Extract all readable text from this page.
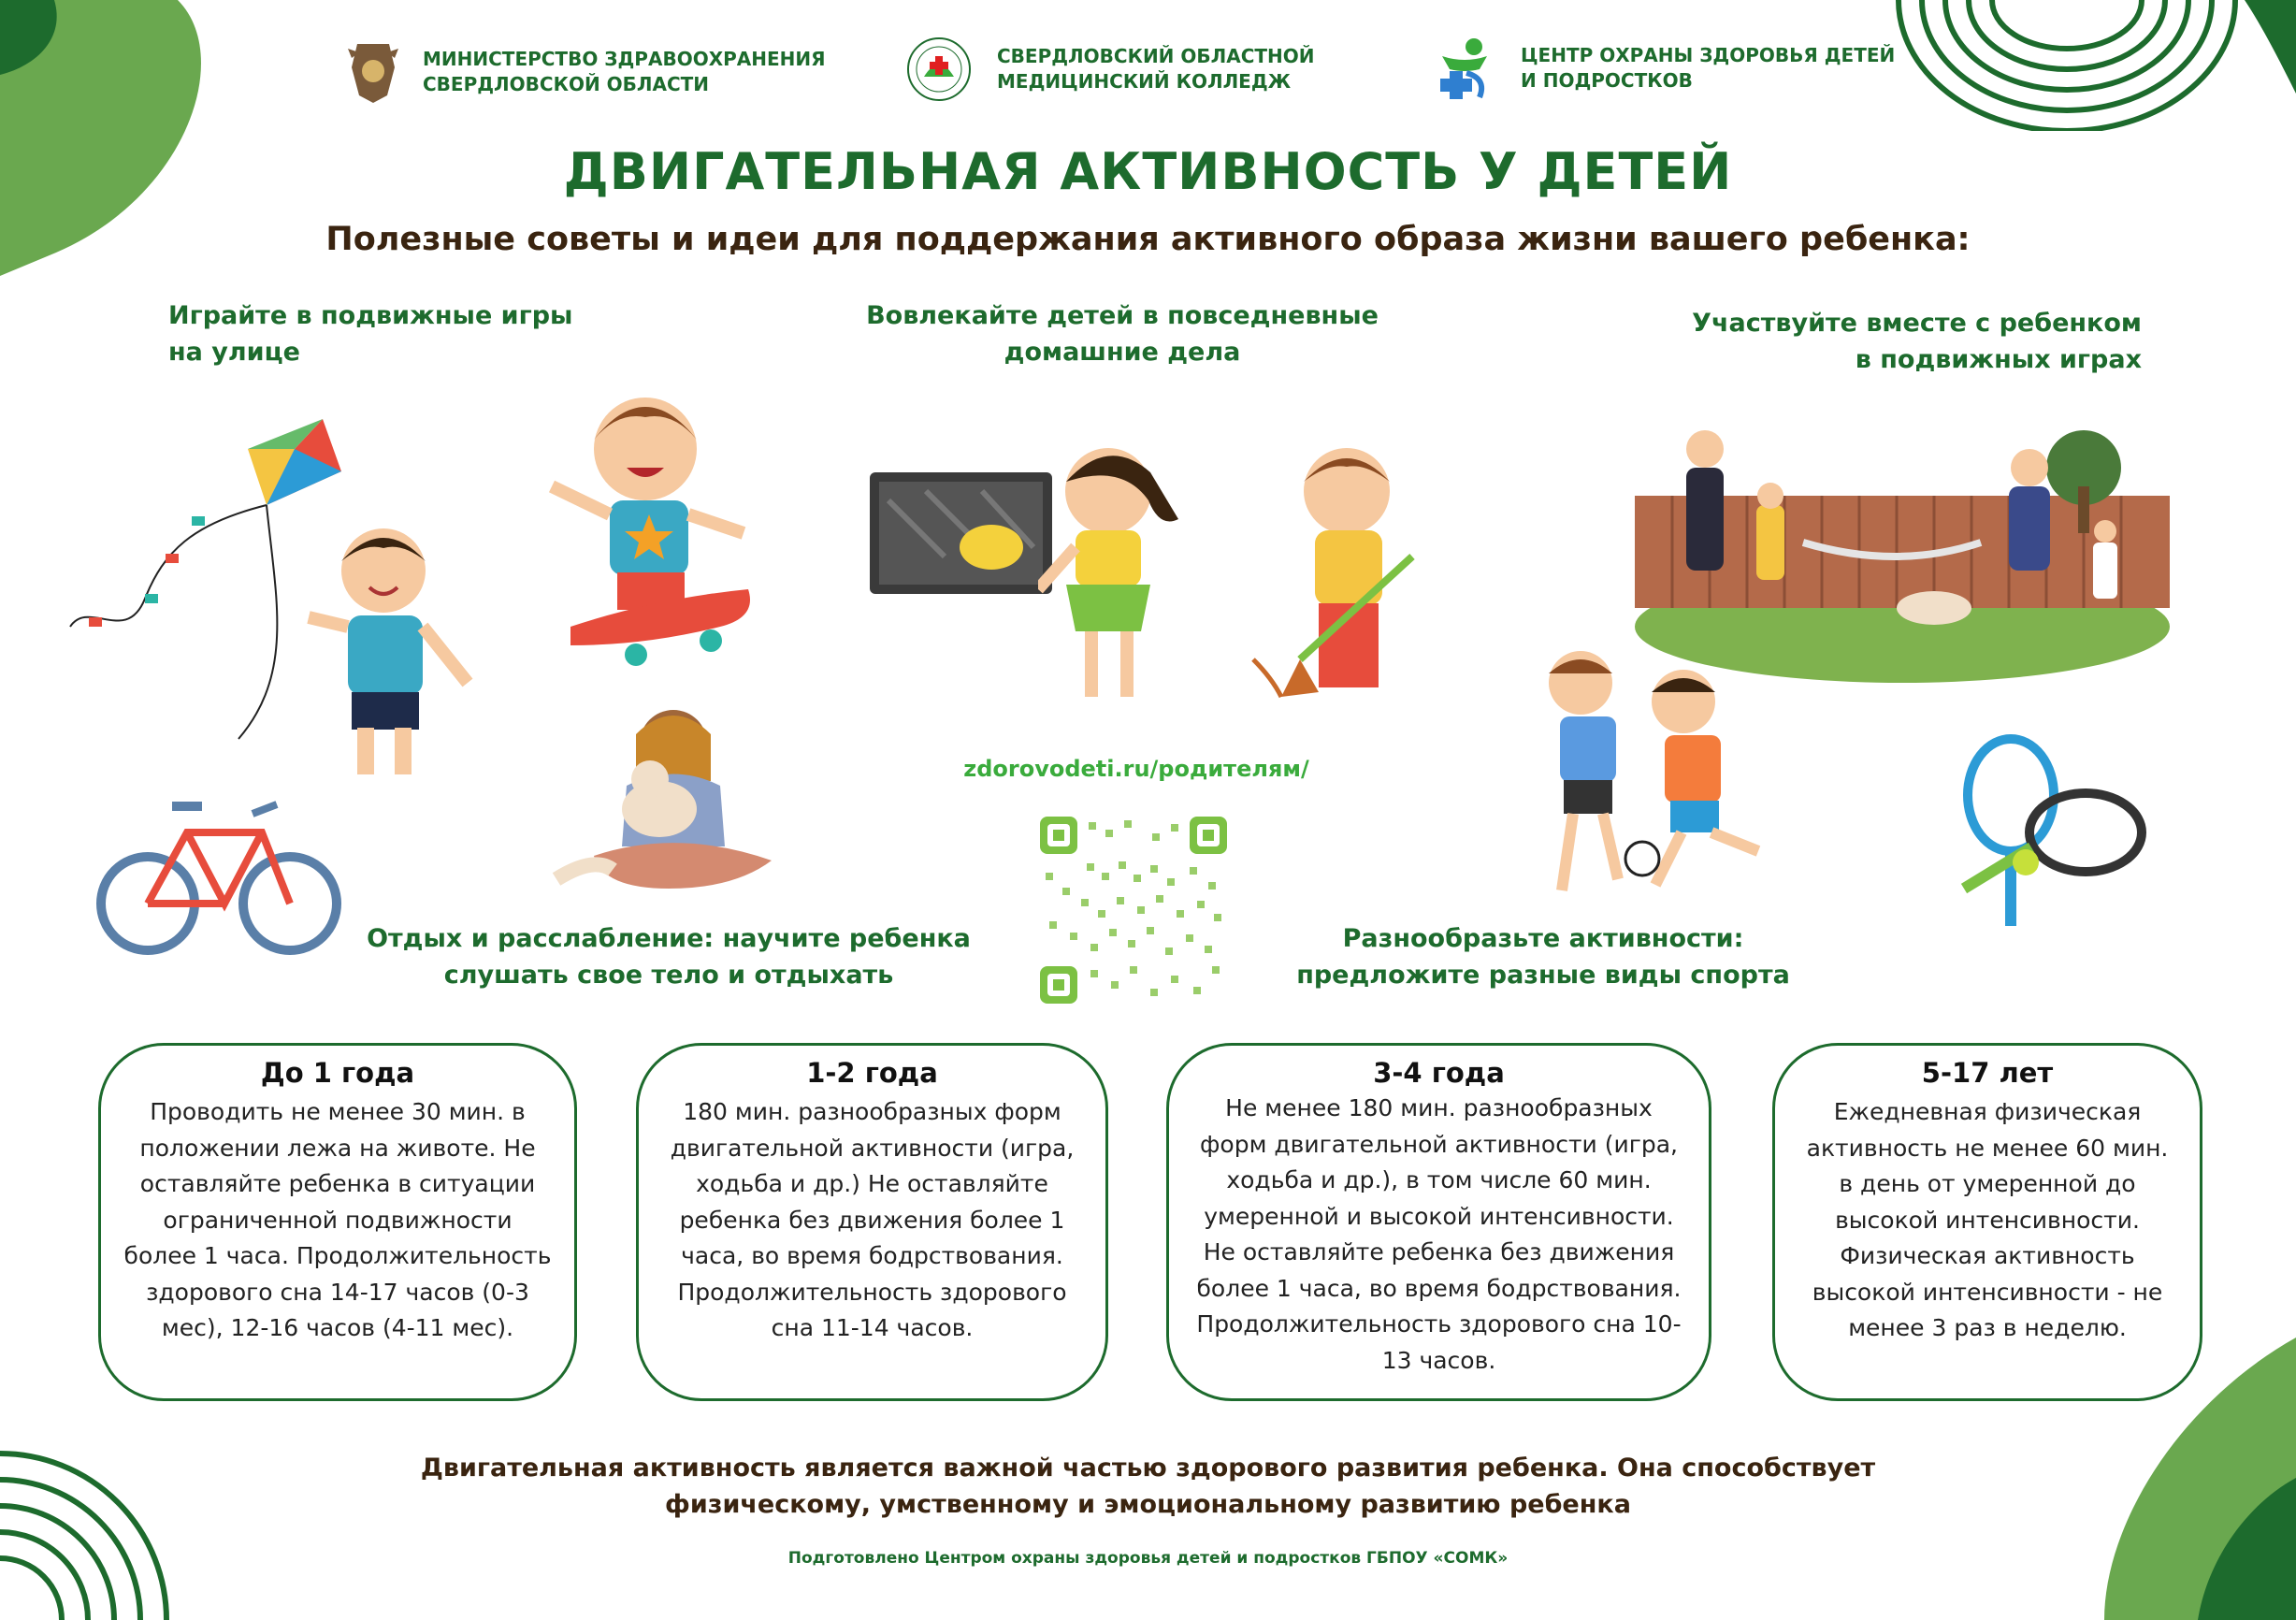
МИНИСТЕРСТВО ЗДРАВООХРАНЕНИЯ
СВЕРДЛОВСКОЙ ОБЛАСТИ
СВЕРДЛОВСКИЙ ОБЛАСТНОЙ
МЕДИЦИНСКИЙ КОЛЛЕДЖ
ЦЕНТР ОХРАНЫ ЗДОРОВЬЯ ДЕТЕЙ
И ПОДРОСТКОВ
ДВИГАТЕЛЬНАЯ АКТИВНОСТЬ У ДЕТЕЙ
Полезные советы и идеи для поддержания активного образа жизни вашего ребенка:
Играйте в подвижные игры
на улице
Вовлекайте детей в повседневные
домашние дела
Участвуйте вместе с ребенком
в подвижных играх
Отдых и расслабление: научите ребенка
слушать свое тело и отдыхать
Разнообразьте активности:
предложите разные виды спорта
zdorovodeti.ru/родителям/
До 1 года
Проводить не менее 30 мин. в
положении лежа на животе. Не
оставляйте ребенка в ситуации
ограниченной подвижности
более 1 часа. Продолжительность
здорового сна 14-17 часов (0-3
мес), 12-16 часов (4-11 мес).
1-2 года
180 мин. разнообразных форм
двигательной активности (игра,
ходьба и др.) Не оставляйте
ребенка без движения более 1
часа, во время бодрствования.
Продолжительность здорового
сна 11-14 часов.
3-4 года
Не менее 180 мин. разнообразных
форм двигательной активности (игра,
ходьба и др.), в том числе 60 мин.
умеренной и высокой интенсивности.
Не оставляйте ребенка без движения
более 1 часа, во время бодрствования.
Продолжительность здорового сна 10-
13 часов.
5-17 лет
Ежедневная физическая
активность не менее 60 мин.
в день от умеренной до
высокой интенсивности.
Физическая активность
высокой интенсивности - не
менее 3 раз в неделю.
Двигательная активность является важной частью здорового развития ребенка. Она способствует
физическому, умственному и эмоциональному развитию ребенка
Подготовлено Центром охраны здоровья детей и подростков ГБПОУ «СОМК»
